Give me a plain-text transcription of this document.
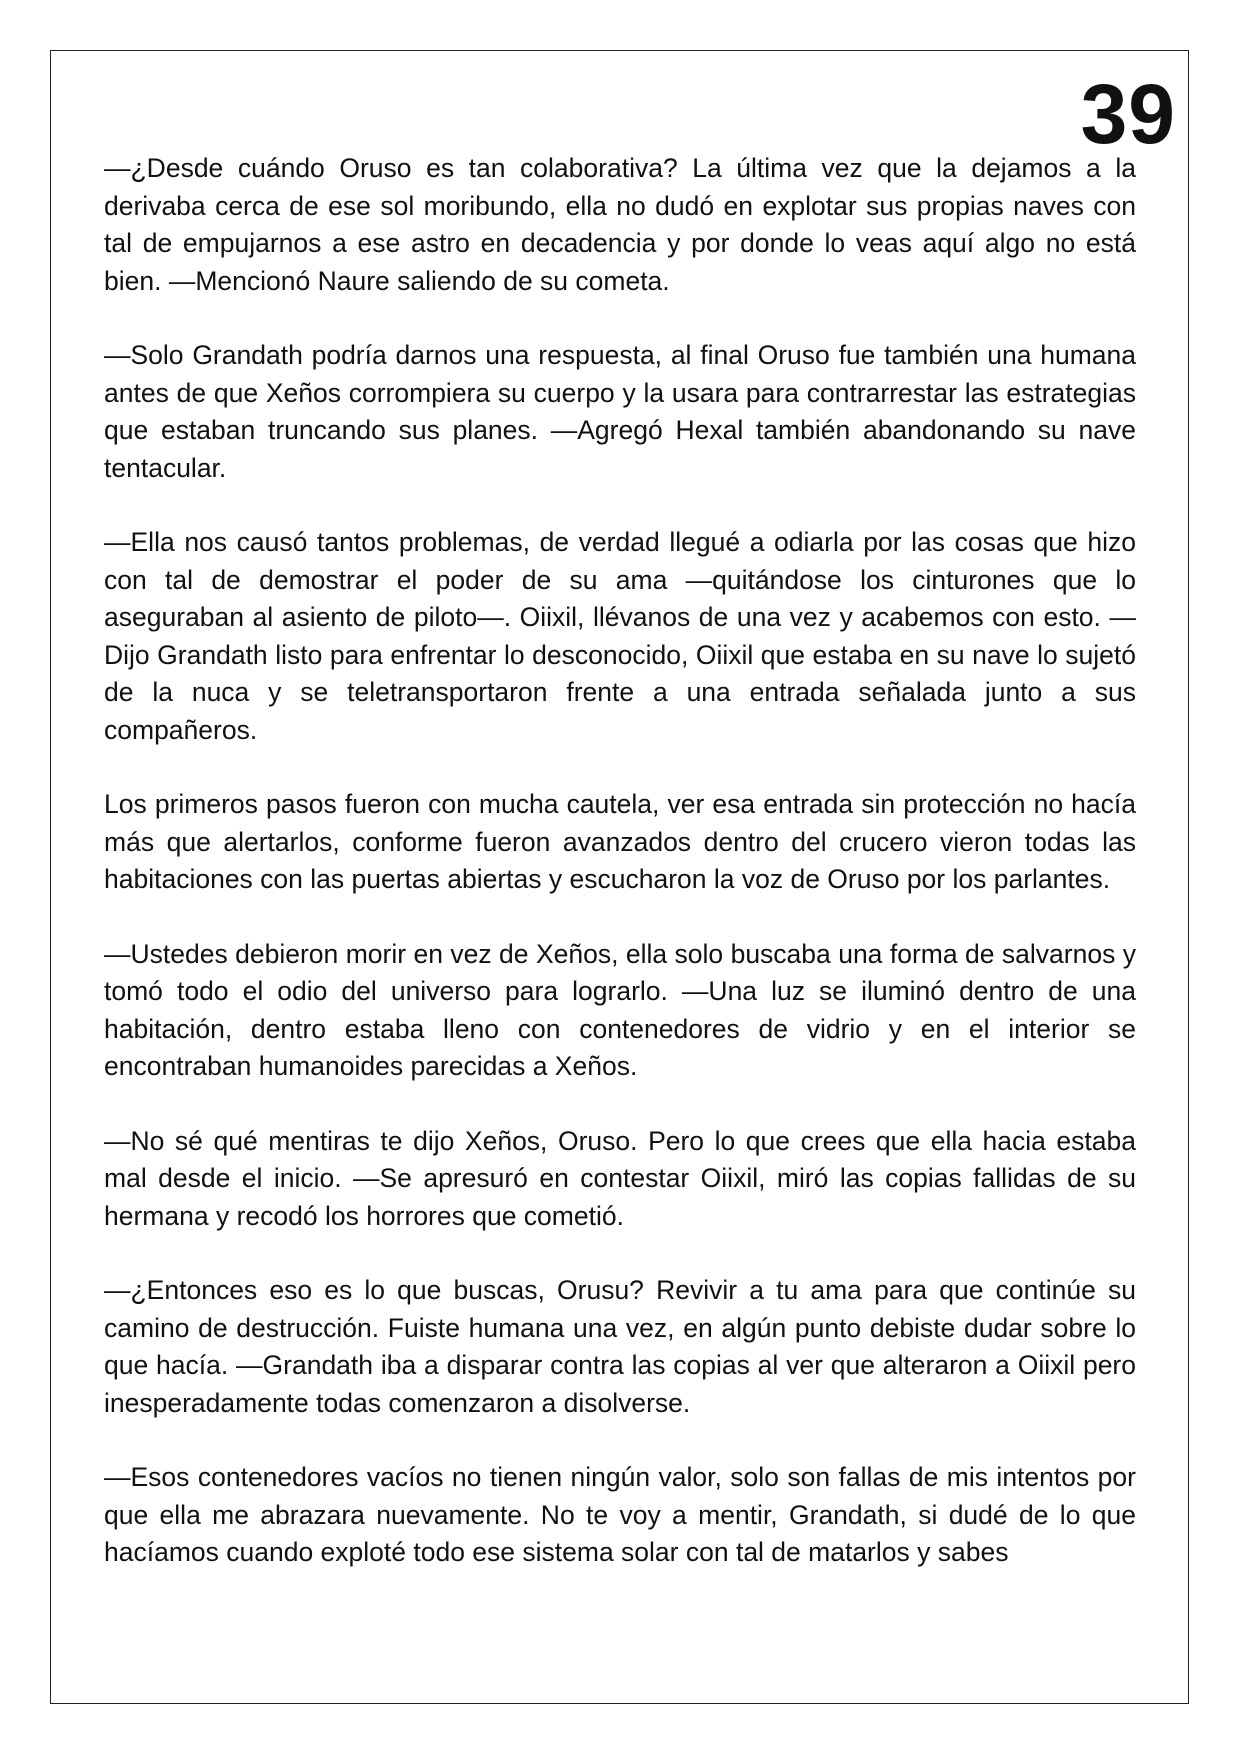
39

—¿Desde cuándo Oruso es tan colaborativa? La última vez que la dejamos a la derivaba cerca de ese sol moribundo, ella no dudó en explotar sus propias naves con tal de empujarnos a ese astro en decadencia y por donde lo veas aquí algo no está bien. —Mencionó Naure saliendo de su cometa.

—Solo Grandath podría darnos una respuesta, al final Oruso fue también una humana antes de que Xeños corrompiera su cuerpo y la usara para contrarrestar las estrategias que estaban truncando sus planes. —Agregó Hexal también abandonando su nave tentacular.

—Ella nos causó tantos problemas, de verdad llegué a odiarla por las cosas que hizo con tal de demostrar el poder de su ama —quitándose los cinturones que lo aseguraban al asiento de piloto—. Oiixil, llévanos de una vez y acabemos con esto. —Dijo Grandath listo para enfrentar lo desconocido, Oiixil que estaba en su nave lo sujetó de la nuca y se teletransportaron frente a una entrada señalada junto a sus compañeros.

Los primeros pasos fueron con mucha cautela, ver esa entrada sin protección no hacía más que alertarlos, conforme fueron avanzados dentro del crucero vieron todas las habitaciones con las puertas abiertas y escucharon la voz de Oruso por los parlantes.

—Ustedes debieron morir en vez de Xeños, ella solo buscaba una forma de salvarnos y tomó todo el odio del universo para lograrlo. —Una luz se iluminó dentro de una habitación, dentro estaba lleno con contenedores de vidrio y en el interior se encontraban humanoides parecidas a Xeños.

—No sé qué mentiras te dijo Xeños, Oruso. Pero lo que crees que ella hacia estaba mal desde el inicio. —Se apresuró en contestar Oiixil, miró las copias fallidas de su hermana y recodó los horrores que cometió.

—¿Entonces eso es lo que buscas, Orusu? Revivir a tu ama para que continúe su camino de destrucción. Fuiste humana una vez, en algún punto debiste dudar sobre lo que hacía. —Grandath iba a disparar contra las copias al ver que alteraron a Oiixil pero inesperadamente todas comenzaron a disolverse.

—Esos contenedores vacíos no tienen ningún valor, solo son fallas de mis intentos por que ella me abrazara nuevamente. No te voy a mentir, Grandath, si dudé de lo que hacíamos cuando exploté todo ese sistema solar con tal de matarlos y sabes
